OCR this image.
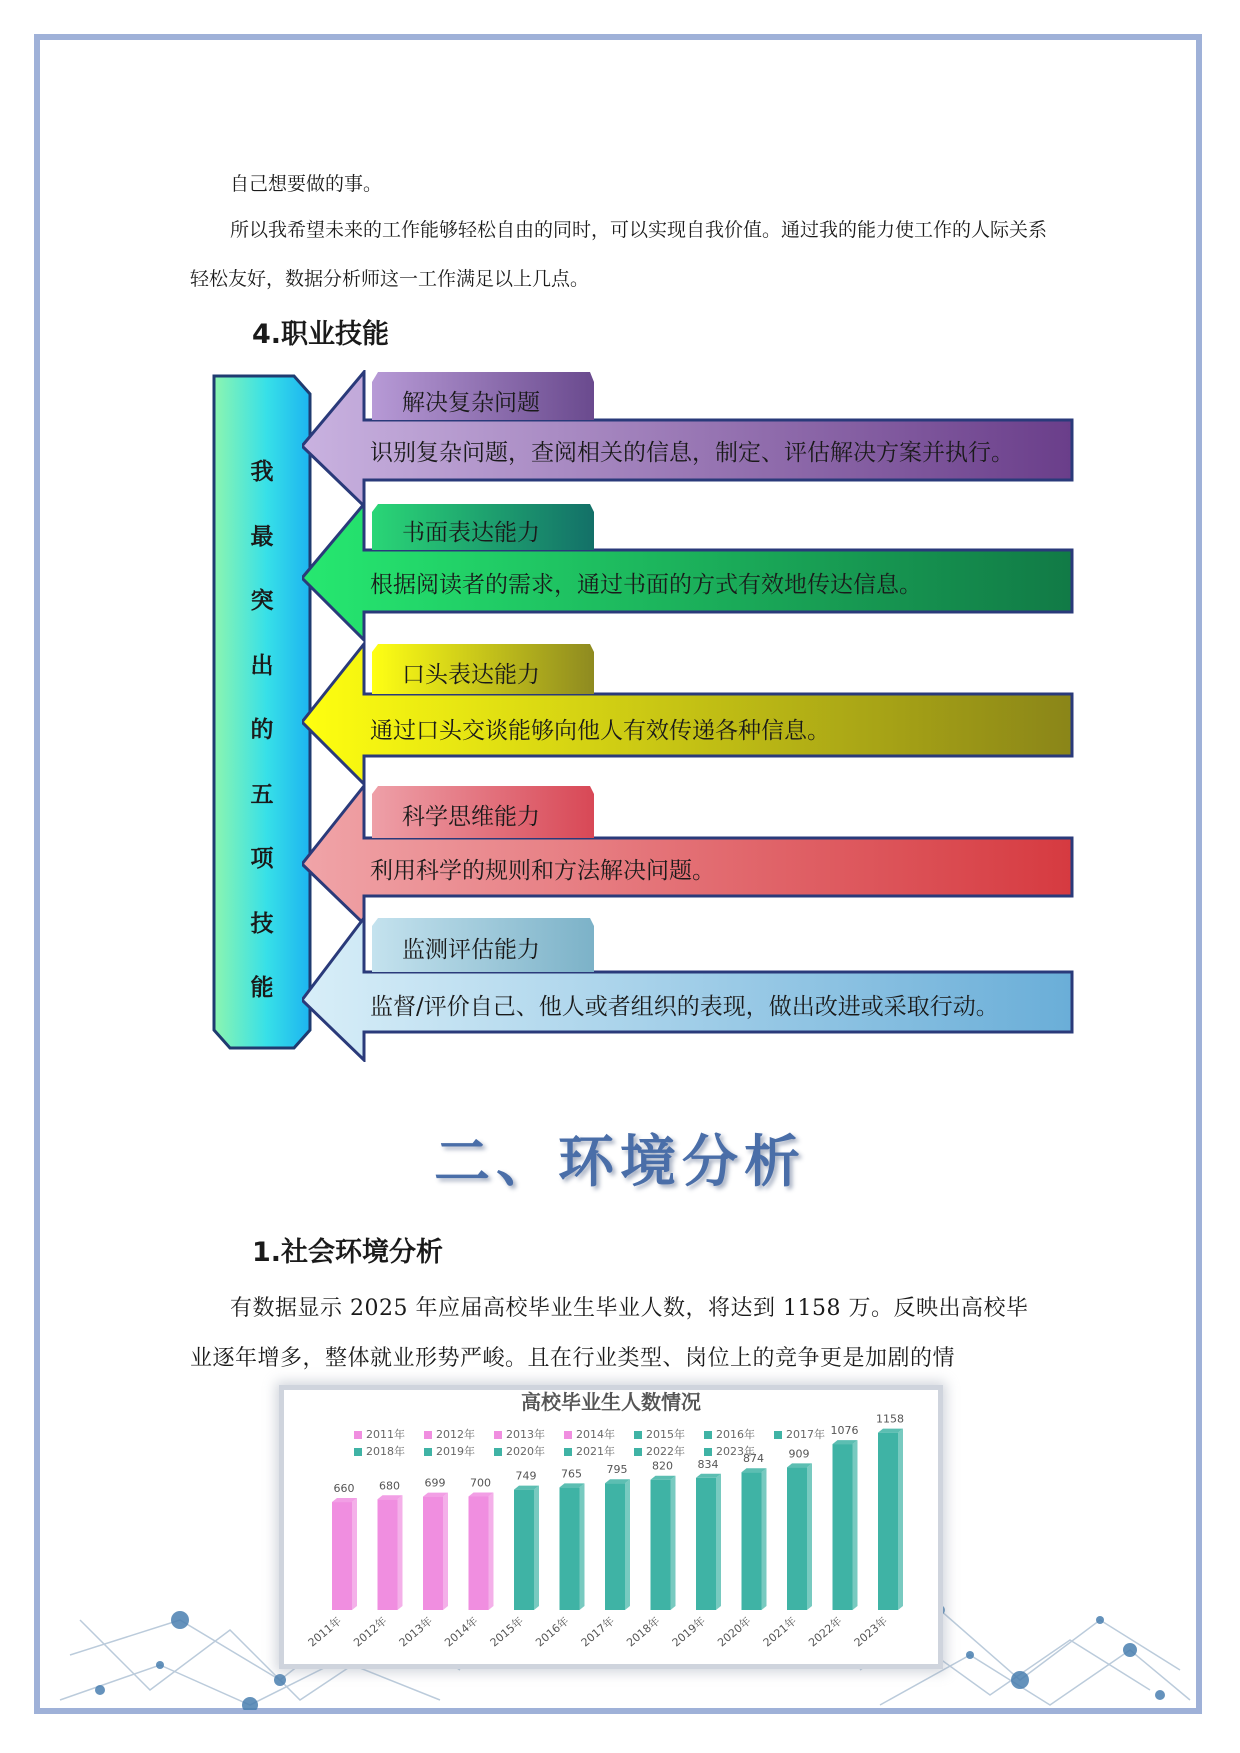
自己想要做的事。

所以我希望未来的工作能够轻松自由的同时，可以实现自我价值。通过我的能力使工作的人际关系轻松友好，数据分析师这一工作满足以上几点。

4.职业技能
我
最
突
出
的
五
项
技
能
解决复杂问题
识别复杂问题，查阅相关的信息，制定、评估解决方案并执行。
书面表达能力
根据阅读者的需求，通过书面的方式有效地传达信息。
口头表达能力
通过口头交谈能够向他人有效传递各种信息。
科学思维能力
利用科学的规则和方法解决问题。
监测评估能力
监督/评价自己、他人或者组织的表现，做出改进或采取行动。
二、环境分析
1.社会环境分析

有数据显示 2025 年应届高校毕业生毕业人数，将达到 1158 万。反映出高校毕业逐年增多，整体就业形势严峻。且在行业类型、岗位上的竞争更是加剧的情

高校毕业生人数情况
2011年	2012年	2013年	2014年	2015年	2016年	2017年
2018年	2019年	2020年	2021年	2022年	2023年
660
2011年
680
2012年
699
2013年
700
2014年
749
2015年
765
2016年
795
2017年
820
2018年
834
2019年
874
2020年
909
2021年
1076
2022年
1158
2023年
